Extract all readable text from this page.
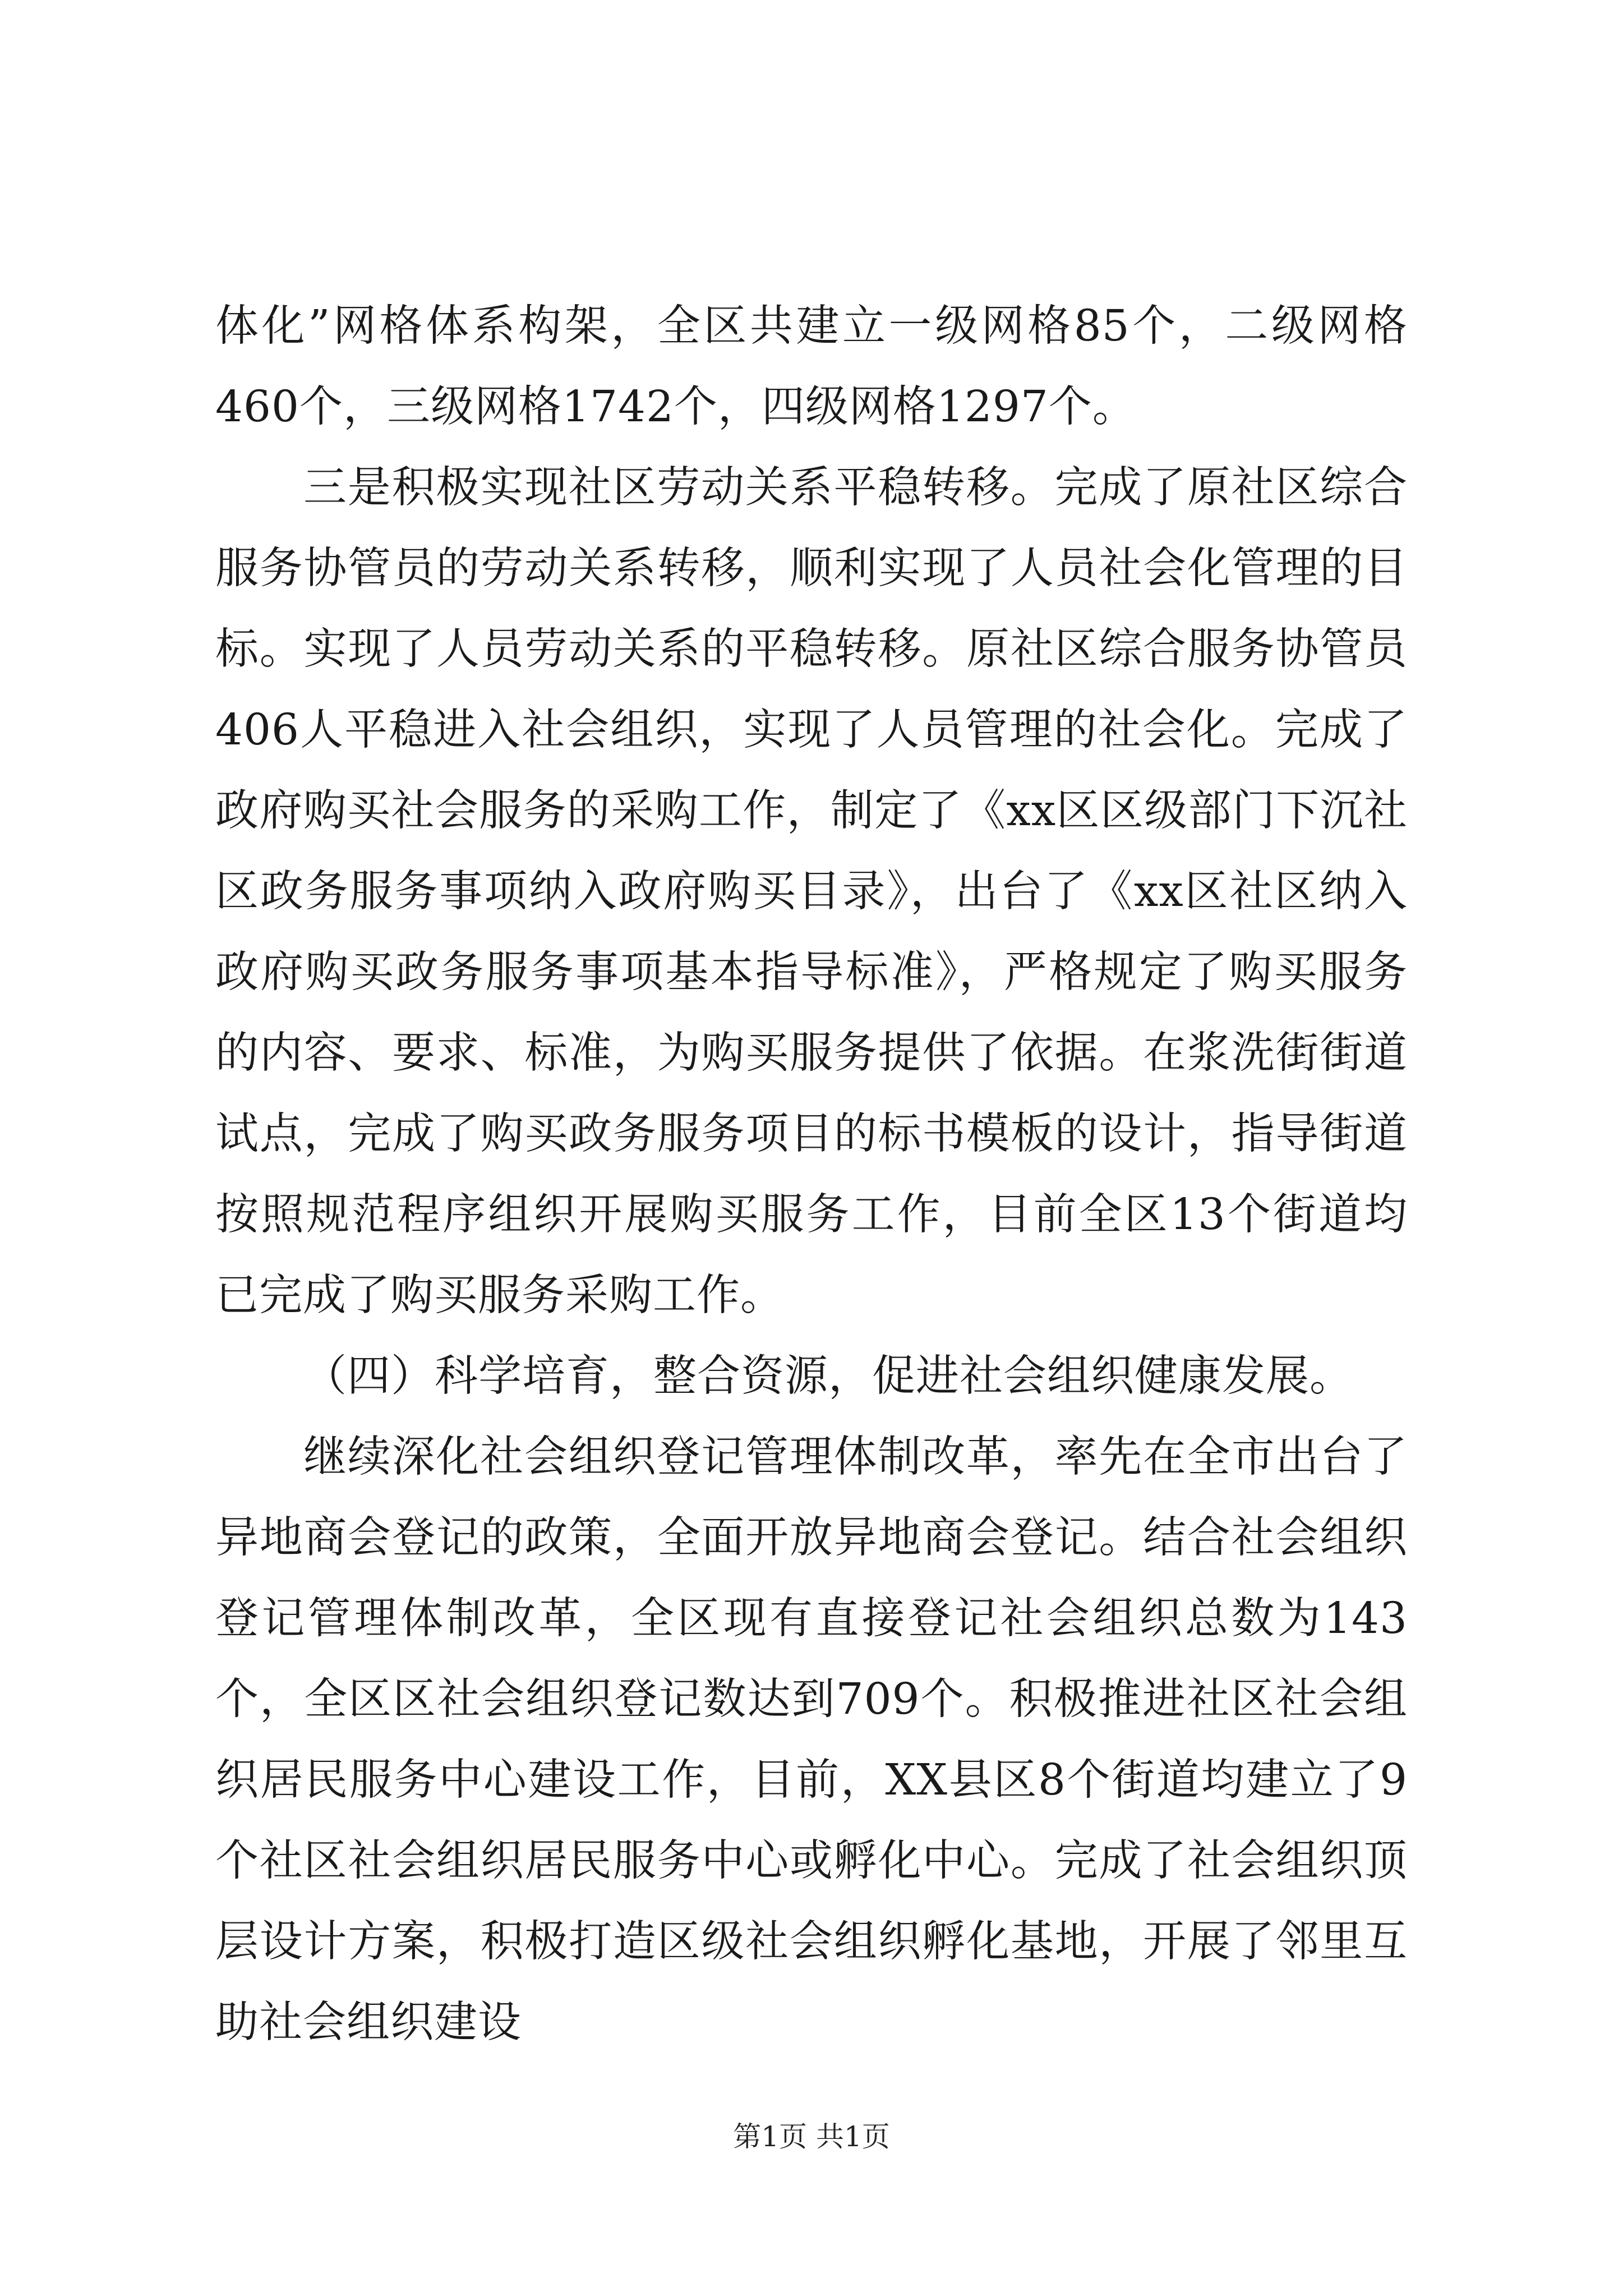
体化”网格体系构架，全区共建立一级网格85个，二级网格460个，三级网格1742个，四级网格1297个。

三是积极实现社区劳动关系平稳转移。完成了原社区综合服务协管员的劳动关系转移，顺利实现了人员社会化管理的目标。实现了人员劳动关系的平稳转移。原社区综合服务协管员406人平稳进入社会组织，实现了人员管理的社会化。完成了政府购买社会服务的采购工作，制定了《xx区区级部门下沉社区政务服务事项纳入政府购买目录》，出台了《xx区社区纳入政府购买政务服务事项基本指导标准》，严格规定了购买服务的内容、要求、标准，为购买服务提供了依据。在浆洗街街道试点，完成了购买政务服务项目的标书模板的设计，指导街道按照规范程序组织开展购买服务工作，目前全区13个街道均已完成了购买服务采购工作。

（四）科学培育，整合资源，促进社会组织健康发展。

继续深化社会组织登记管理体制改革，率先在全市出台了异地商会登记的政策，全面开放异地商会登记。结合社会组织登记管理体制改革，全区现有直接登记社会组织总数为143个，全区区社会组织登记数达到709个。积极推进社区社会组织居民服务中心建设工作，目前，XX县区8个街道均建立了9个社区社会组织居民服务中心或孵化中心。完成了社会组织顶层设计方案，积极打造区级社会组织孵化基地，开展了邻里互助社会组织建设

第1页 共1页
